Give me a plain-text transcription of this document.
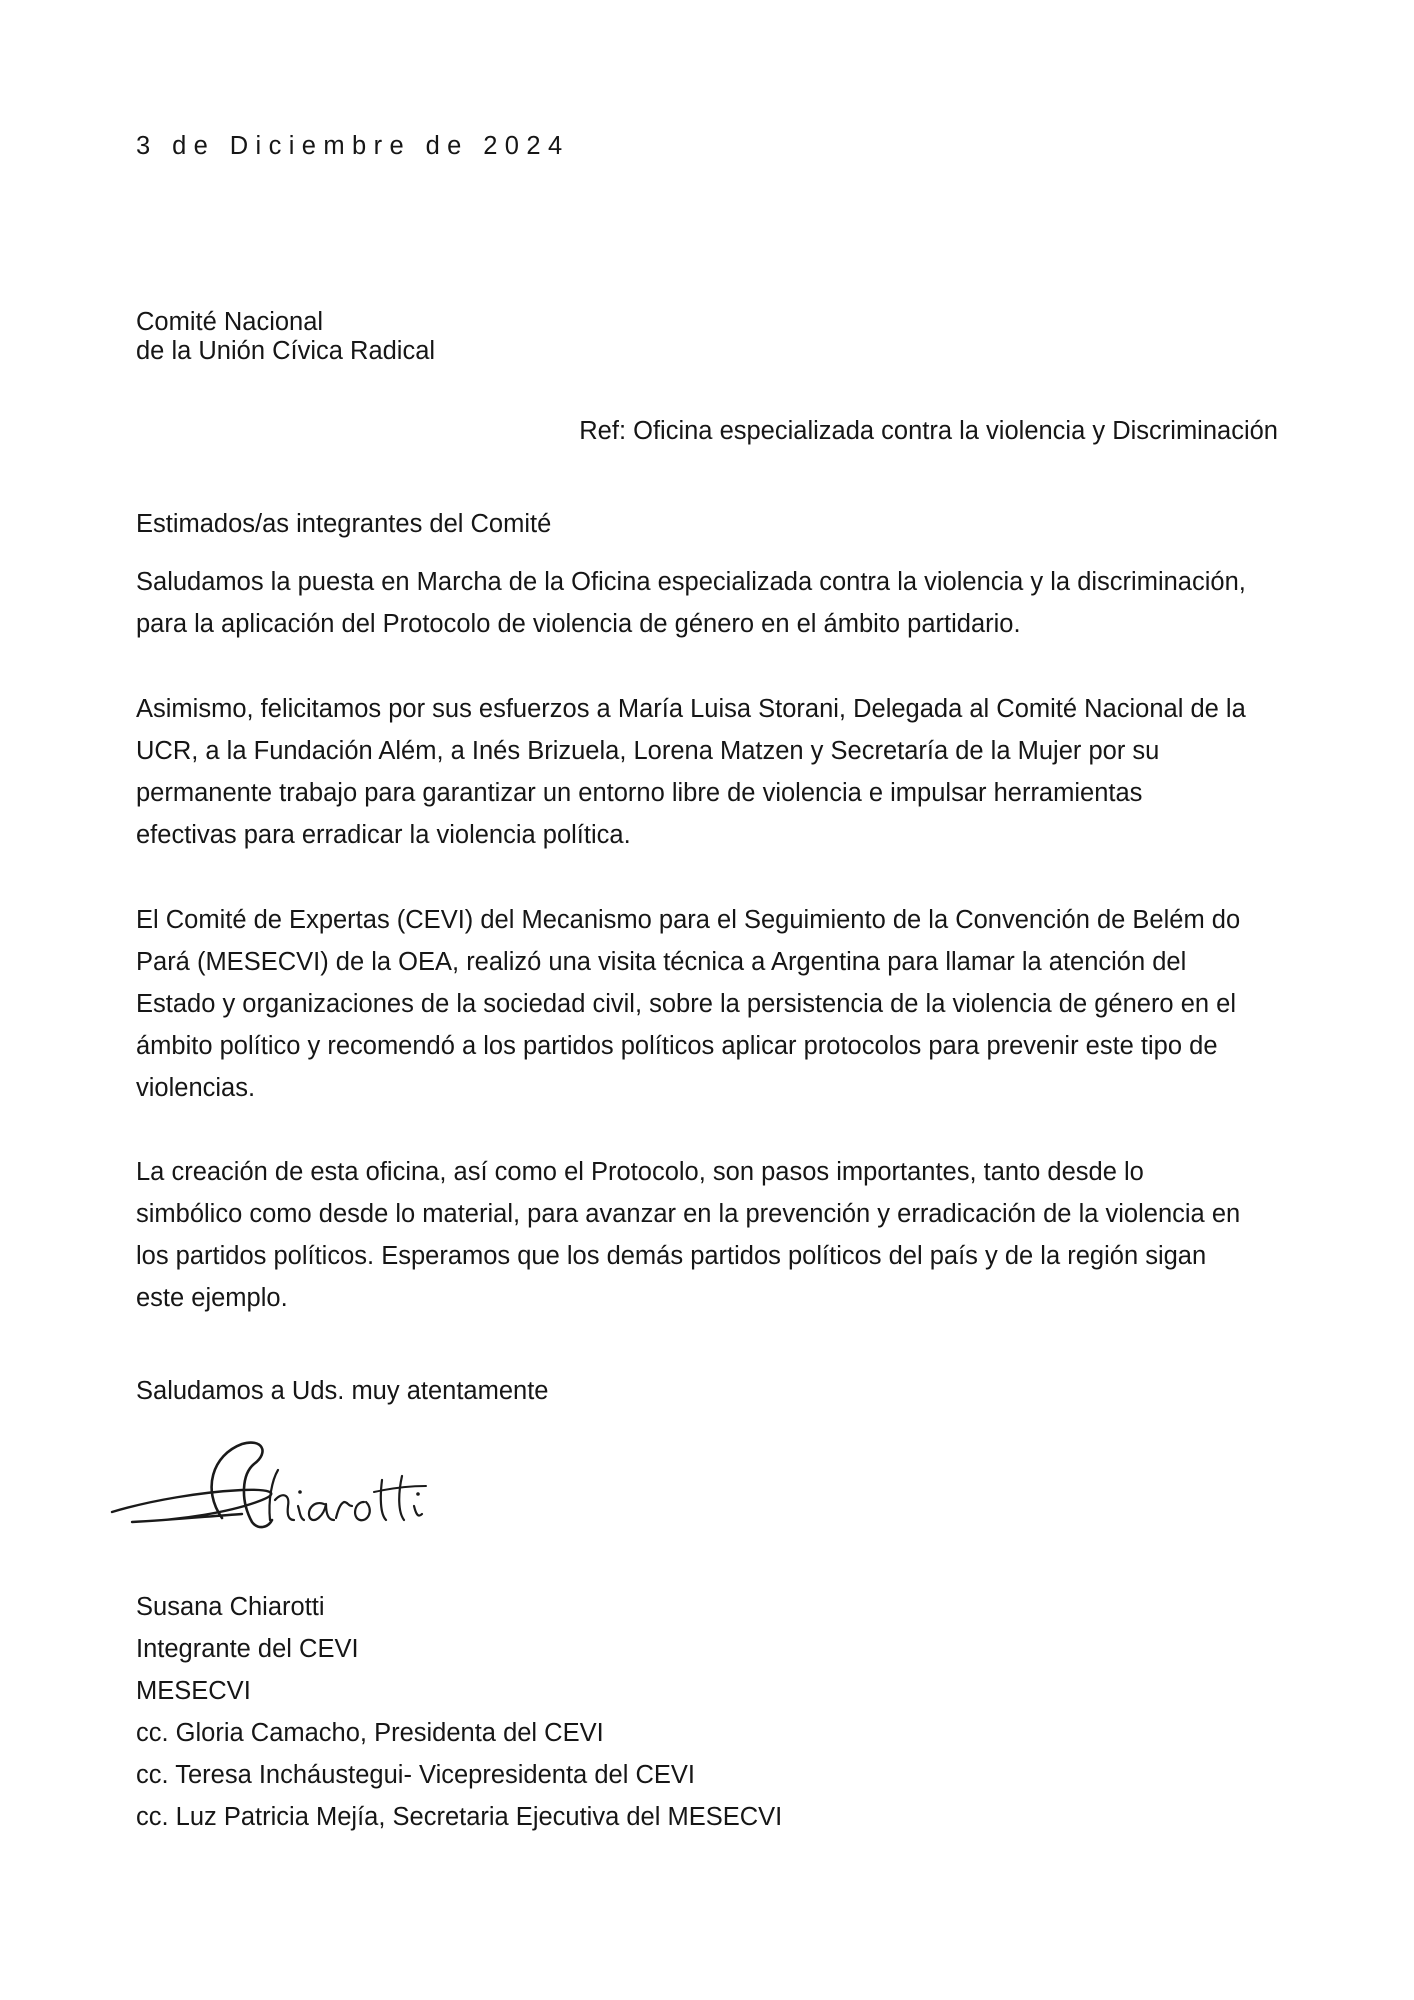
3 de Diciembre de 2024

Comité Nacional
de la Unión Cívica Radical

Ref: Oficina especializada contra la violencia y Discriminación

Estimados/as integrantes del Comité

Saludamos la puesta en Marcha de la Oficina especializada contra la violencia y la discriminación,
para la aplicación del Protocolo de violencia de género en el ámbito partidario.
Asimismo, felicitamos por sus esfuerzos a María Luisa Storani, Delegada al Comité Nacional de la
UCR, a la Fundación Além, a Inés Brizuela, Lorena Matzen y Secretaría de la Mujer por su
permanente trabajo para garantizar un entorno libre de violencia e impulsar herramientas
efectivas para erradicar la violencia política.
El Comité de Expertas (CEVI) del Mecanismo para el Seguimiento de la Convención de Belém do
Pará (MESECVI) de la OEA, realizó una visita técnica a Argentina para llamar la atención del
Estado y organizaciones de la sociedad civil, sobre la persistencia de la violencia de género en el
ámbito político y recomendó a los partidos políticos aplicar protocolos para prevenir este tipo de
violencias.
La creación de esta oficina, así como el Protocolo, son pasos importantes, tanto desde lo
simbólico como desde lo material, para avanzar en la prevención y erradicación de la violencia en
los partidos políticos. Esperamos que los demás partidos políticos del país y de la región sigan
este ejemplo.

Saludamos a Uds. muy atentamente

Susana Chiarotti
Integrante del CEVI
MESECVI
cc. Gloria Camacho, Presidenta del CEVI
cc. Teresa Incháustegui- Vicepresidenta del CEVI
cc. Luz Patricia Mejía, Secretaria Ejecutiva del MESECVI
